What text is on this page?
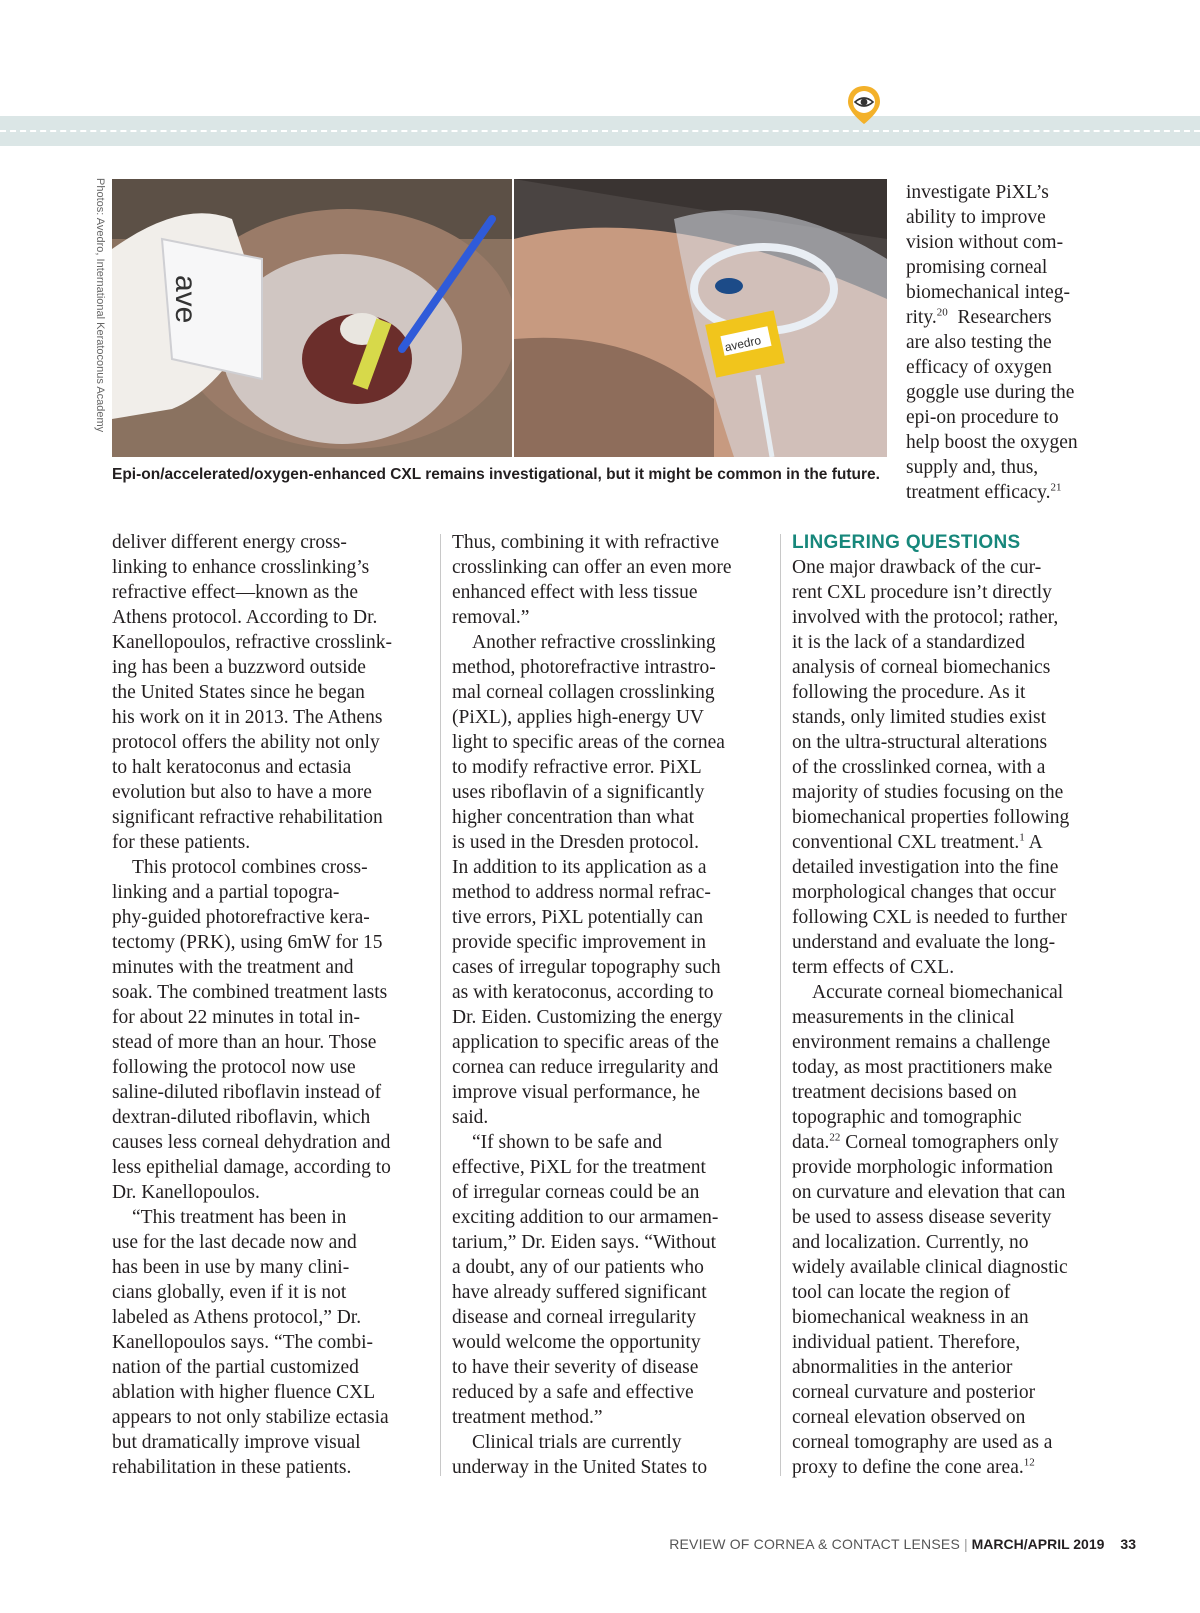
Photos: Avedro, International Keratoconus Academy ave
avedro
Epi-on/accelerated/oxygen-enhanced CXL remains investigational, but it might be common in the future.
investigate PiXL’s
ability to improve
vision without com-
promising corneal
biomechanical integ-
rity.$^{20}$ Researchers
are also testing the
efficacy of oxygen
goggle use during the
epi-on procedure to
help boost the oxygen
supply and, thus,
treatment efficacy.$^{21}$
deliver different energy cross-
linking to enhance crosslinking’s
refractive effect—known as the
Athens protocol. According to Dr.
Kanellopoulos, refractive crosslink-
ing has been a buzzword outside
the United States since he began
his work on it in 2013. The Athens
protocol offers the ability not only
to halt keratoconus and ectasia
evolution but also to have a more
significant refractive rehabilitation
for these patients.
This protocol combines cross-
linking and a partial topogra-
phy-guided photorefractive kera-
tectomy (PRK), using 6mW for 15
minutes with the treatment and
soak. The combined treatment lasts
for about 22 minutes in total in-
stead of more than an hour. Those
following the protocol now use
saline-diluted riboflavin instead of
dextran-diluted riboflavin, which
causes less corneal dehydration and
less epithelial damage, according to
Dr. Kanellopoulos.
“This treatment has been in
use for the last decade now and
has been in use by many clini-
cians globally, even if it is not
labeled as Athens protocol,” Dr.
Kanellopoulos says. “The combi-
nation of the partial customized
ablation with higher fluence CXL
appears to not only stabilize ectasia
but dramatically improve visual
rehabilitation in these patients.
Thus, combining it with refractive
crosslinking can offer an even more
enhanced effect with less tissue
removal.”
Another refractive crosslinking
method, photorefractive intrastro-
mal corneal collagen crosslinking
(PiXL), applies high-energy UV
light to specific areas of the cornea
to modify refractive error. PiXL
uses riboflavin of a significantly
higher concentration than what
is used in the Dresden protocol.
In addition to its application as a
method to address normal refrac-
tive errors, PiXL potentially can
provide specific improvement in
cases of irregular topography such
as with keratoconus, according to
Dr. Eiden. Customizing the energy
application to specific areas of the
cornea can reduce irregularity and
improve visual performance, he
said.
“If shown to be safe and
effective, PiXL for the treatment
of irregular corneas could be an
exciting addition to our armamen-
tarium,” Dr. Eiden says. “Without
a doubt, any of our patients who
have already suffered significant
disease and corneal irregularity
would welcome the opportunity
to have their severity of disease
reduced by a safe and effective
treatment method.”
Clinical trials are currently
underway in the United States to
LINGERING QUESTIONS
One major drawback of the cur-
rent CXL procedure isn’t directly
involved with the protocol; rather,
it is the lack of a standardized
analysis of corneal biomechanics
following the procedure. As it
stands, only limited studies exist
on the ultra-structural alterations
of the crosslinked cornea, with a
majority of studies focusing on the
biomechanical properties following
conventional CXL treatment.$^1$ A
detailed investigation into the fine
morphological changes that occur
following CXL is needed to further
understand and evaluate the long-
term effects of CXL.
Accurate corneal biomechanical
measurements in the clinical
environment remains a challenge
today, as most practitioners make
treatment decisions based on
topographic and tomographic
data.$^{22}$ Corneal tomographers only
provide morphologic information
on curvature and elevation that can
be used to assess disease severity
and localization. Currently, no
widely available clinical diagnostic
tool can locate the region of
biomechanical weakness in an
individual patient. Therefore,
abnormalities in the anterior
corneal curvature and posterior
corneal elevation observed on
corneal tomography are used as a
proxy to define the cone area.$^{12}$
REVIEW OF CORNEA & CONTACT LENSES | MARCH/APRIL 2019 33
